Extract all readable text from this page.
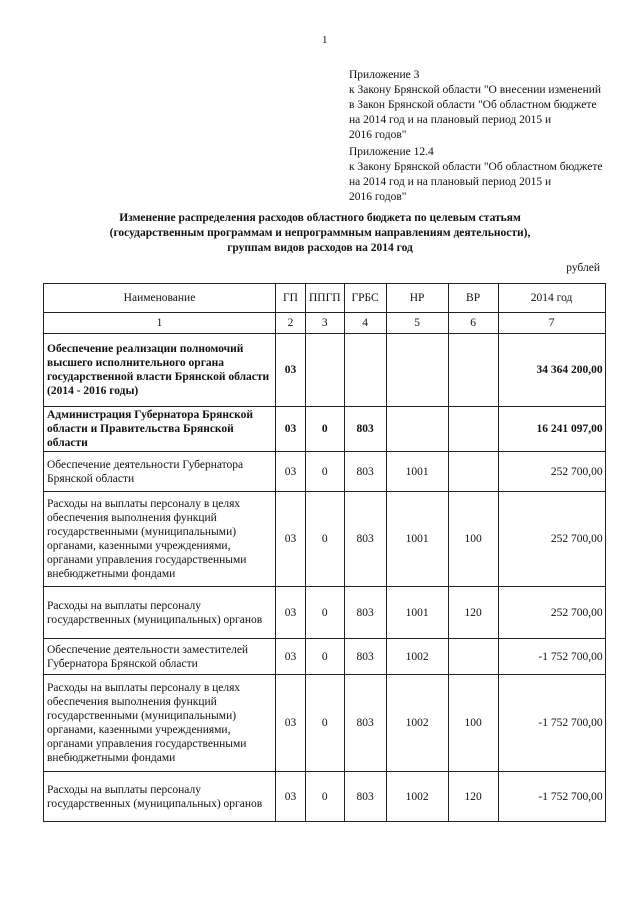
1
Приложение 3
к Закону Брянской области "О внесении изменений
в Закон Брянской области "Об областном бюджете
на 2014 год и на плановый период 2015 и
2016 годов"
Приложение 12.4
к Закону Брянской области "Об областном бюджете
на 2014 год и на плановый период 2015 и
2016 годов"
Изменение распределения расходов областного бюджета по целевым статьям
(государственным программам и непрограммным направлениям деятельности),
группам видов расходов на 2014 год
рублей
Наименование	ГП	ППГП	ГРБС	НР	ВР	2014 год
1	2	3	4	5	6	7
Обеспечение реализации полномочий высшего исполнительного органа государственной власти Брянской области (2014 - 2016 годы)	03					34 364 200,00
Администрация Губернатора Брянской области и Правительства Брянской области	03	0	803			16 241 097,00
Обеспечение деятельности Губернатора Брянской области	03	0	803	1001		252 700,00
Расходы на выплаты персоналу в целях обеспечения выполнения функций государственными (муниципальными) органами, казенными учреждениями, органами управления государственными внебюджетными фондами	03	0	803	1001	100	252 700,00
Расходы на выплаты персоналу государственных (муниципальных) органов	03	0	803	1001	120	252 700,00
Обеспечение деятельности заместителей Губернатора Брянской области	03	0	803	1002		-1 752 700,00
Расходы на выплаты персоналу в целях обеспечения выполнения функций государственными (муниципальными) органами, казенными учреждениями, органами управления государственными внебюджетными фондами	03	0	803	1002	100	-1 752 700,00
Расходы на выплаты персоналу государственных (муниципальных) органов	03	0	803	1002	120	-1 752 700,00
